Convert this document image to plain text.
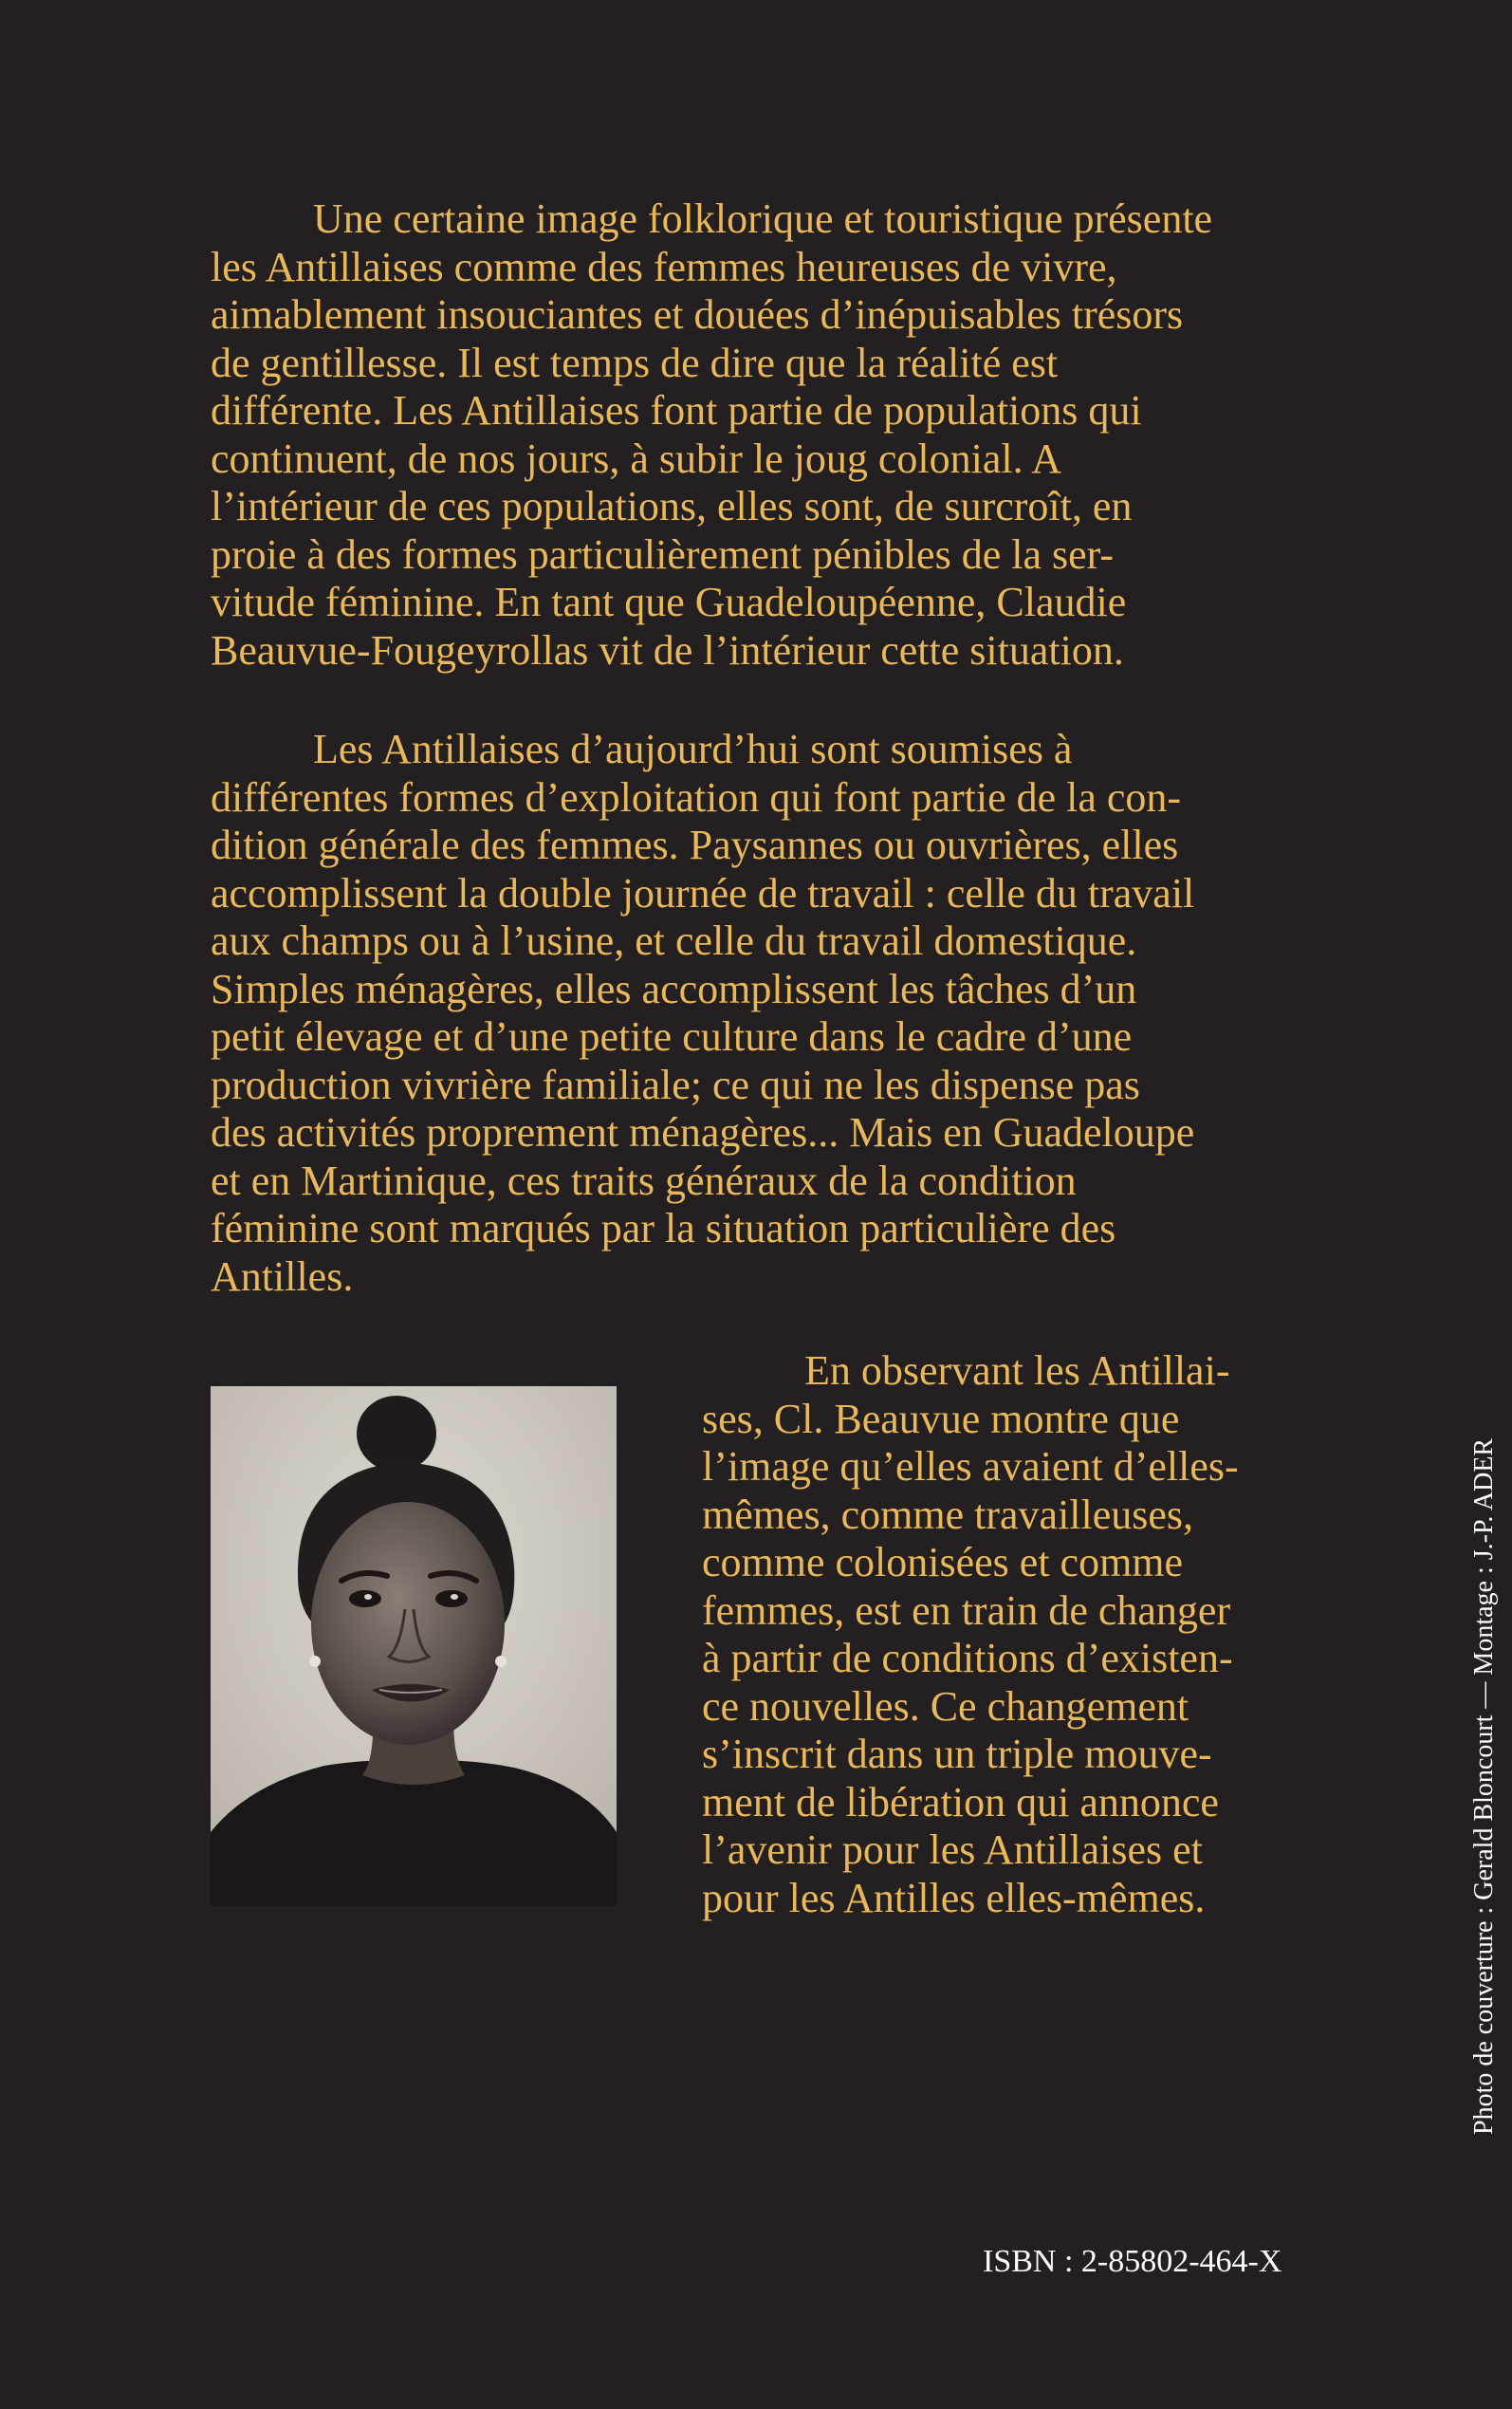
Une certaine image folklorique et touristique présente
les Antillaises comme des femmes heureuses de vivre,
aimablement insouciantes et douées d’inépuisables trésors
de gentillesse. Il est temps de dire que la réalité est
différente. Les Antillaises font partie de populations qui
continuent, de nos jours, à subir le joug colonial. A
l’intérieur de ces populations, elles sont, de surcroît, en
proie à des formes particulièrement pénibles de la ser-
vitude féminine. En tant que Guadeloupéenne, Claudie
Beauvue-Fougeyrollas vit de l’intérieur cette situation.
Les Antillaises d’aujourd’hui sont soumises à
différentes formes d’exploitation qui font partie de la con-
dition générale des femmes. Paysannes ou ouvrières, elles
accomplissent la double journée de travail : celle du travail
aux champs ou à l’usine, et celle du travail domestique.
Simples ménagères, elles accomplissent les tâches d’un
petit élevage et d’une petite culture dans le cadre d’une
production vivrière familiale; ce qui ne les dispense pas
des activités proprement ménagères... Mais en Guadeloupe
et en Martinique, ces traits généraux de la condition
féminine sont marqués par la situation particulière des
Antilles.
En observant les Antillai-
ses, Cl. Beauvue montre que
l’image qu’elles avaient d’elles-
mêmes, comme travailleuses,
comme colonisées et comme
femmes, est en train de changer
à partir de conditions d’existen-
ce nouvelles. Ce changement
s’inscrit dans un triple mouve-
ment de libération qui annonce
l’avenir pour les Antillaises et
pour les Antilles elles-mêmes.	Photo de couverture : Gerald Bloncourt — Montage : J.-P. ADER
ISBN : 2-85802-464-X
